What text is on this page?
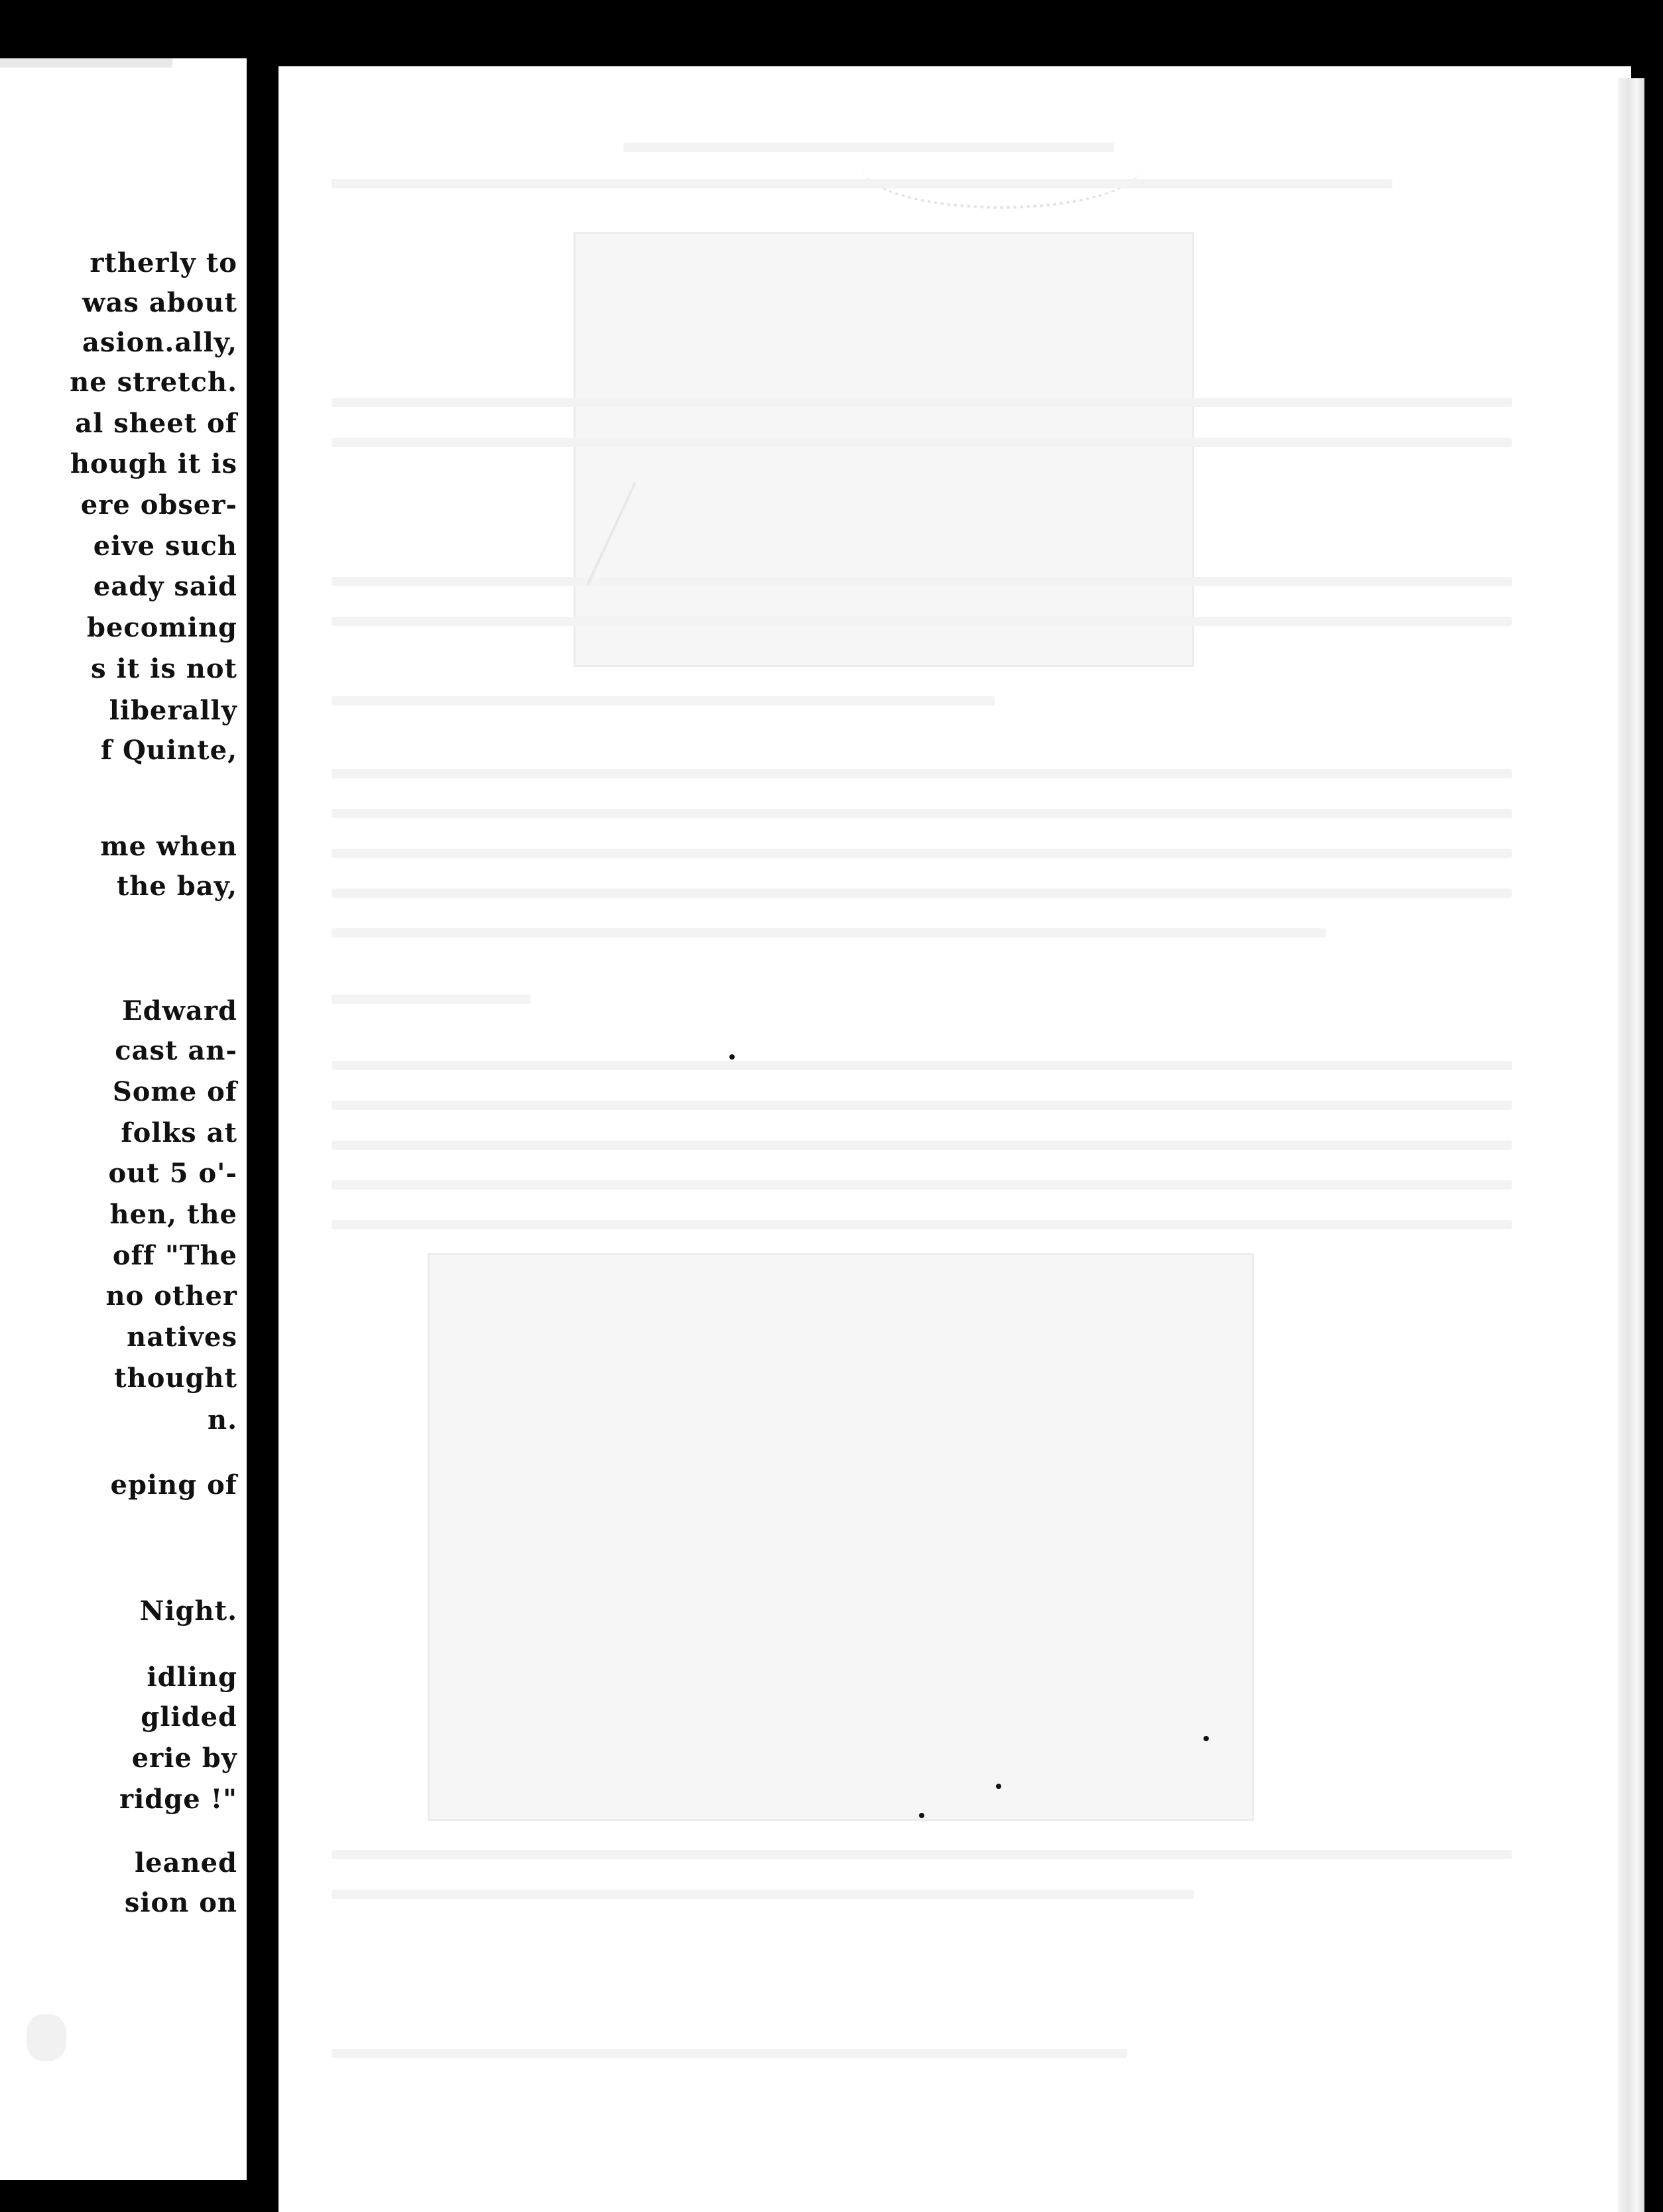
rtherly to
was about
asion.ally,
ne stretch.
al sheet of
hough it is
ere obser-
eive such
eady said
becoming
s it is not
liberally
f Quinte,
me when
the bay,
Edward
cast an-
Some of
folks at
out 5 o'-
hen, the
off "The
no other
natives
thought
n.
eping of
Night.
idling
glided
erie by
ridge !"
leaned
sion on
